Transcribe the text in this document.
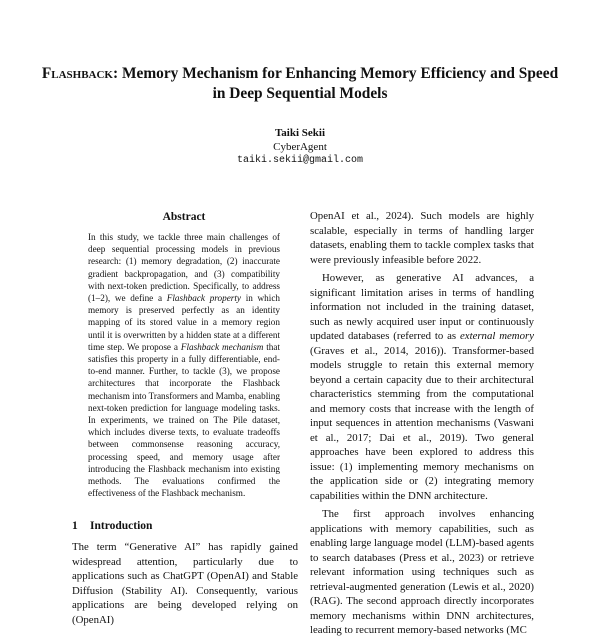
Flashback: Memory Mechanism for Enhancing Memory Efficiency and Speed in Deep Sequential Models
Taiki Sekii
CyberAgent
taiki.sekii@gmail.com
Abstract
In this study, we tackle three main challenges of deep sequential processing models in previous research: (1) memory degradation, (2) inaccurate gradient backpropagation, and (3) compatibility with next-token prediction. Specifically, to address (1–2), we define a Flashback property in which memory is preserved perfectly as an identity mapping of its stored value in a memory region until it is overwritten by a hidden state at a different time step. We propose a Flashback mechanism that satisfies this property in a fully differentiable, end-to-end manner. Further, to tackle (3), we propose architectures that incorporate the Flashback mechanism into Transformers and Mamba, enabling next-token prediction for language modeling tasks. In experiments, we trained on The Pile dataset, which includes diverse texts, to evaluate tradeoffs between commonsense reasoning accuracy, processing speed, and memory usage after introducing the Flashback mechanism into existing methods. The evaluations confirmed the effectiveness of the Flashback mechanism.
1 Introduction

The term “Generative AI” has rapidly gained widespread attention, particularly due to applications such as ChatGPT (OpenAI) and Stable Diffusion (Stability AI). Consequently, various applications are being developed relying on (OpenAI)

OpenAI et al., 2024). Such models are highly scalable, especially in terms of handling larger datasets, enabling them to tackle complex tasks that were previously infeasible before 2022.

However, as generative AI advances, a significant limitation arises in terms of handling information not included in the training dataset, such as newly acquired user input or continuously updated databases (referred to as external memory (Graves et al., 2014, 2016)). Transformer-based models struggle to retain this external memory beyond a certain capacity due to their architectural characteristics stemming from the computational and memory costs that increase with the length of input sequences in attention mechanisms (Vaswani et al., 2017; Dai et al., 2019). Two general approaches have been explored to address this issue: (1) implementing memory mechanisms on the application side or (2) integrating memory capabilities within the DNN architecture.

The first approach involves enhancing applications with memory capabilities, such as enabling large language model (LLM)-based agents to search databases (Press et al., 2023) or retrieve relevant information using techniques such as retrieval-augmented generation (Lewis et al., 2020) (RAG). The second approach directly incorporates memory mechanisms within DNN architectures, leading to recurrent memory-based networks (MC
